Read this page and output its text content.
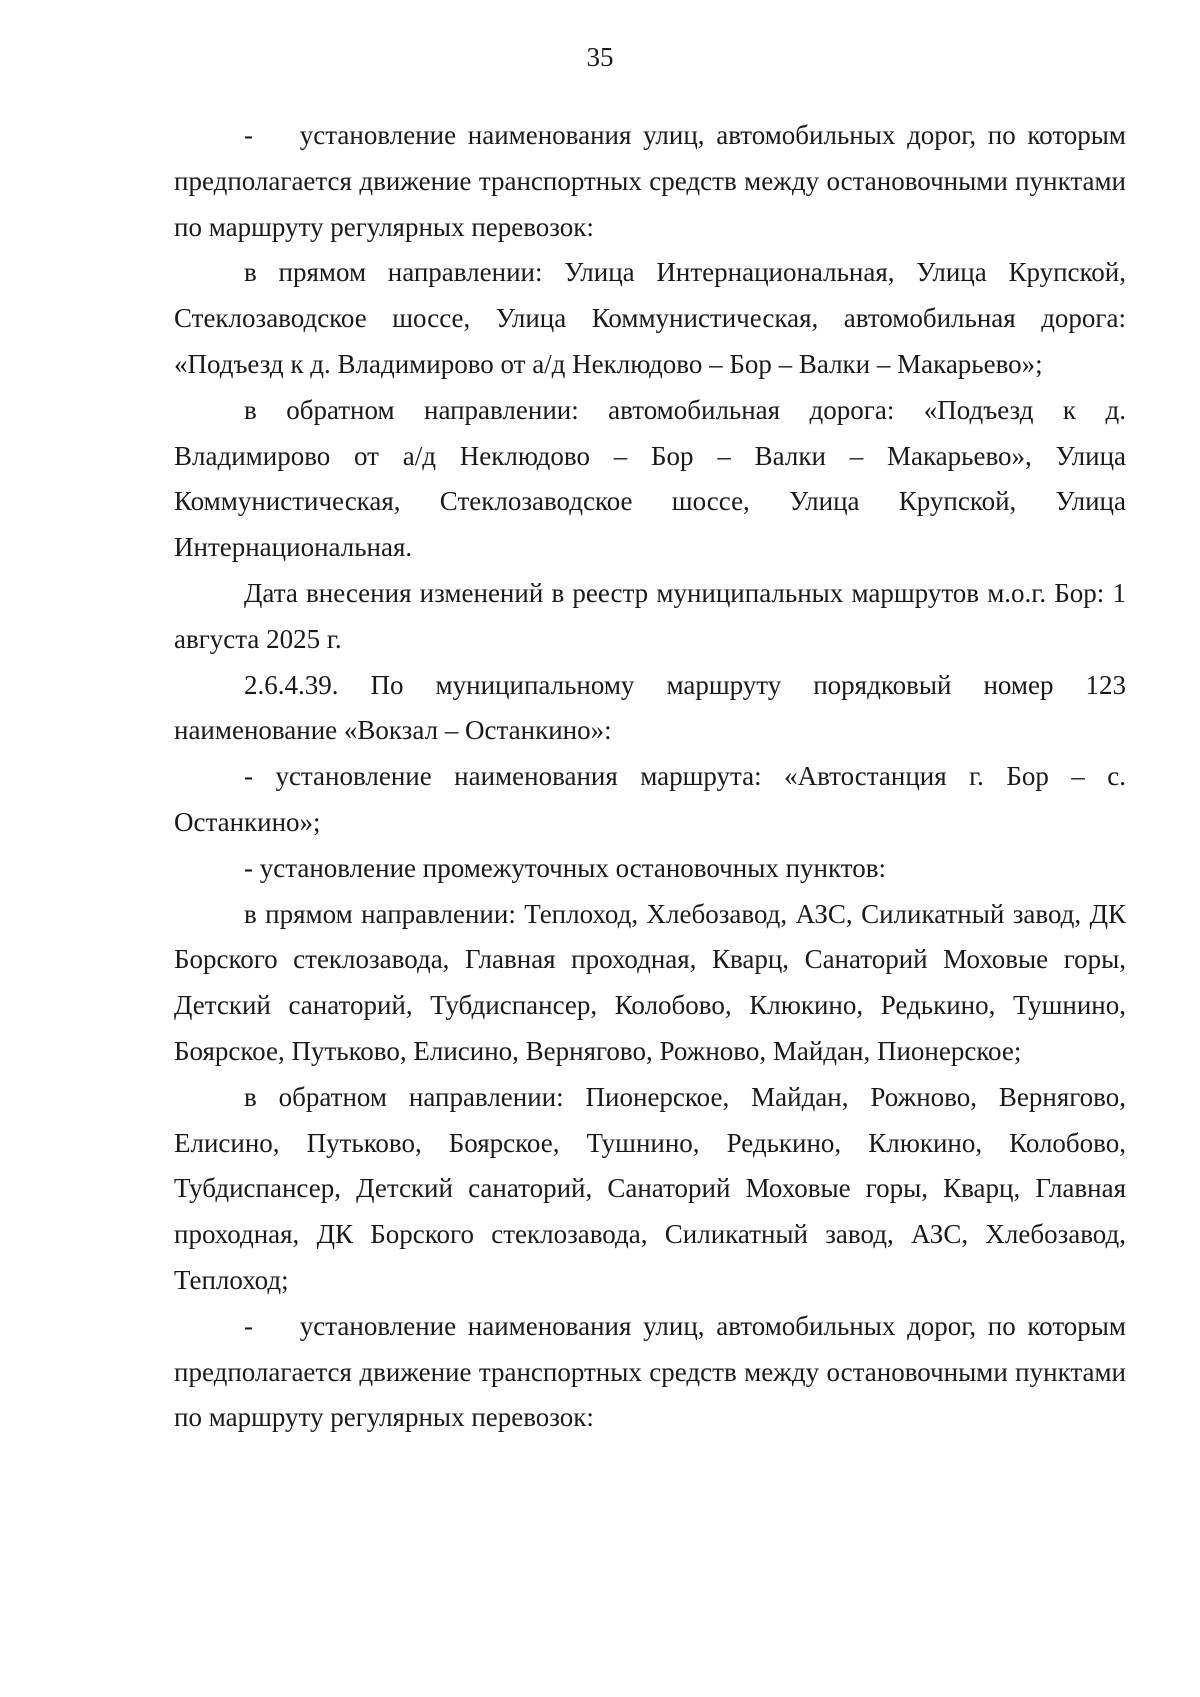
35

-    установление наименования улиц, автомобильных дорог, по которым предполагается движение транспортных средств между остановочными пунктами по маршруту регулярных перевозок:

в прямом направлении: Улица Интернациональная, Улица Крупской, Стеклозаводское шоссе, Улица Коммунистическая, автомобильная дорога: «Подъезд к д. Владимирово от а/д Неклюдово – Бор – Валки – Макарьево»;

в обратном направлении: автомобильная дорога: «Подъезд к д. Владимирово от а/д Неклюдово – Бор – Валки – Макарьево», Улица Коммунистическая, Стеклозаводское шоссе, Улица Крупской, Улица Интернациональная.

Дата внесения изменений в реестр муниципальных маршрутов м.о.г. Бор: 1 августа 2025 г.

2.6.4.39. По муниципальному маршруту порядковый номер 123 наименование «Вокзал – Останкино»:

- установление наименования маршрута: «Автостанция г. Бор – с. Останкино»;

- установление промежуточных остановочных пунктов:

в прямом направлении: Теплоход, Хлебозавод, АЗС, Силикатный завод, ДК Борского стеклозавода, Главная проходная, Кварц, Санаторий Моховые горы, Детский санаторий, Тубдиспансер, Колобово, Клюкино, Редькино, Тушнино, Боярское, Путьково, Елисино, Вернягово, Рожново, Майдан, Пионерское;

в обратном направлении: Пионерское, Майдан, Рожново, Вернягово, Елисино, Путьково, Боярское, Тушнино, Редькино, Клюкино, Колобово, Тубдиспансер, Детский санаторий, Санаторий Моховые горы, Кварц, Главная проходная, ДК Борского стеклозавода, Силикатный завод, АЗС, Хлебозавод, Теплоход;

-    установление наименования улиц, автомобильных дорог, по которым предполагается движение транспортных средств между остановочными пунктами по маршруту регулярных перевозок:
